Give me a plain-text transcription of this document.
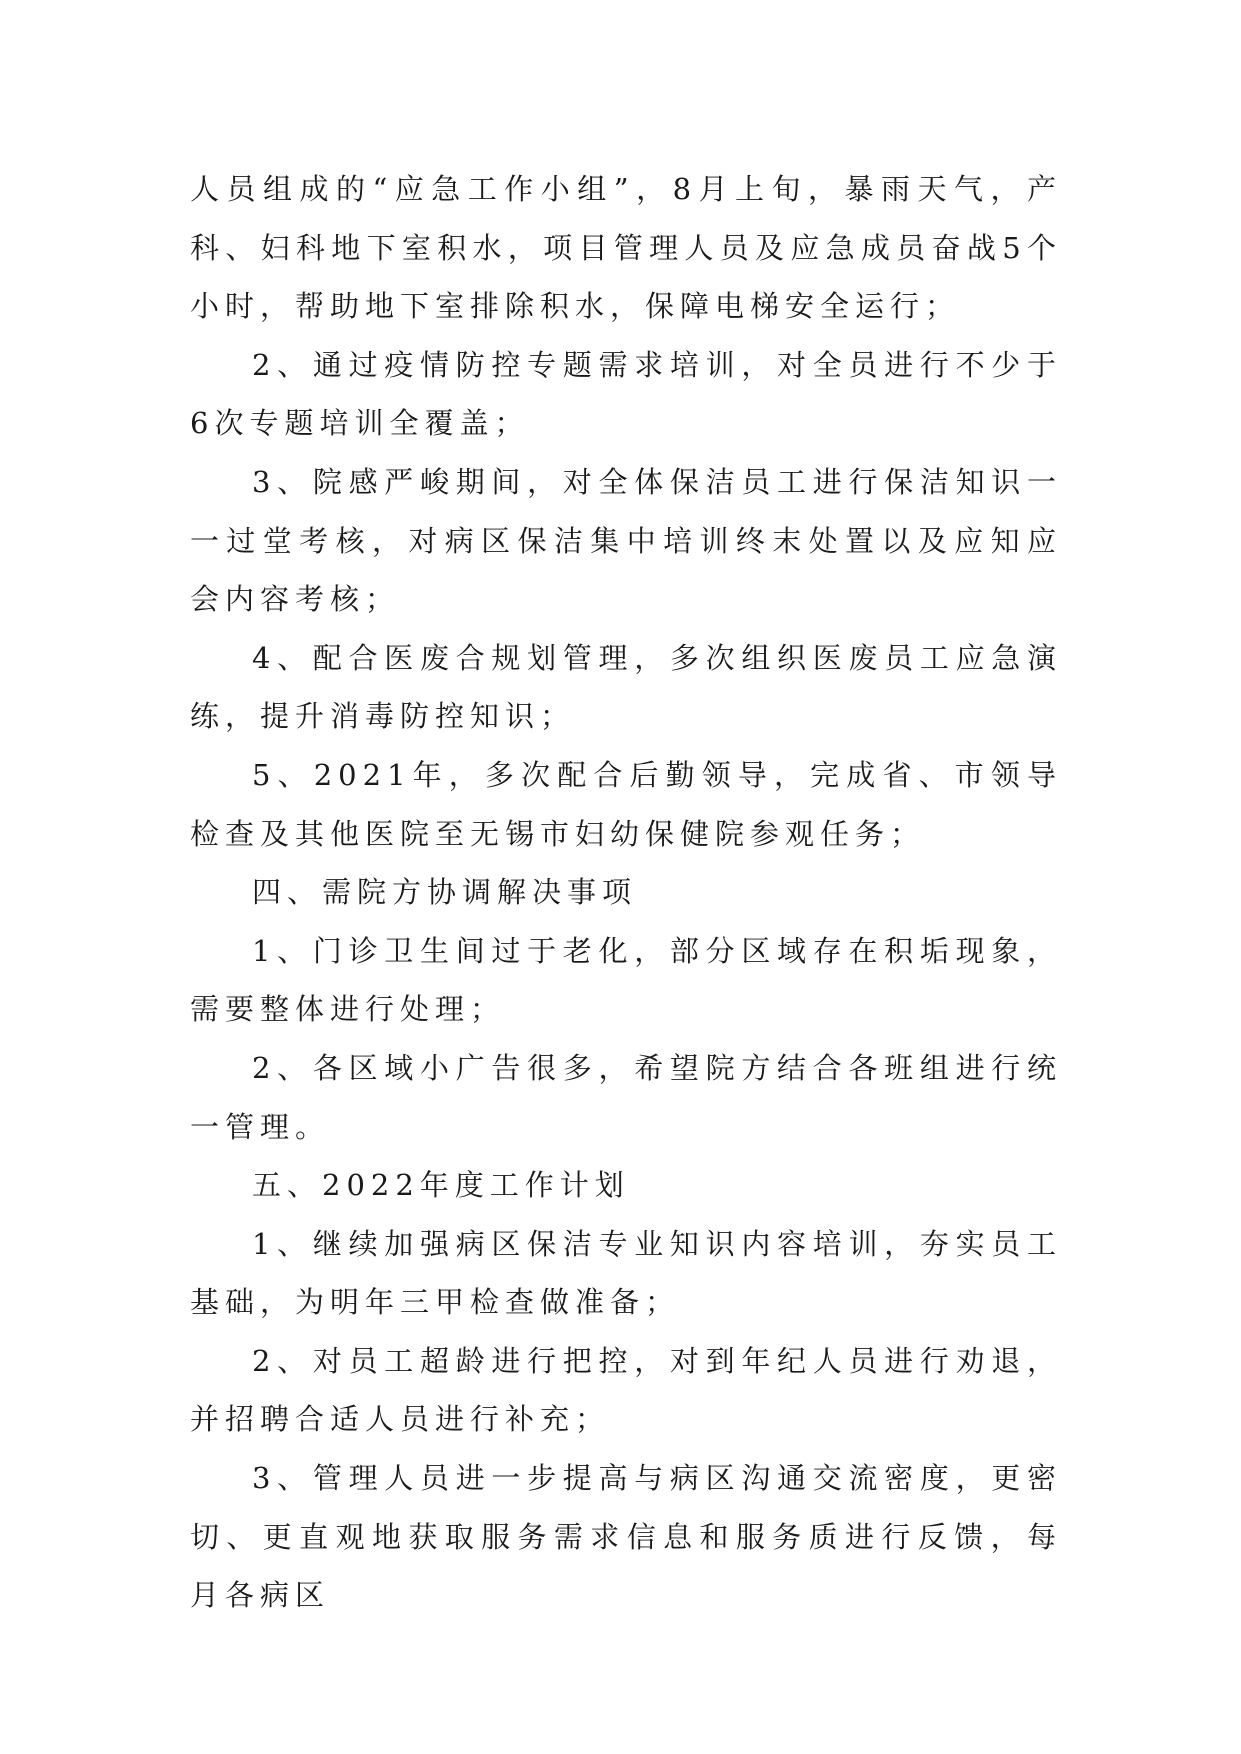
人员组成的“应急工作小组”，8月上旬，暴雨天气，产科、妇科地下室积水，项目管理人员及应急成员奋战5个小时，帮助地下室排除积水，保障电梯安全运行；

2、通过疫情防控专题需求培训，对全员进行不少于6次专题培训全覆盖；

3、院感严峻期间，对全体保洁员工进行保洁知识一一过堂考核，对病区保洁集中培训终末处置以及应知应会内容考核；

4、配合医废合规划管理，多次组织医废员工应急演练，提升消毒防控知识；

5、2021年，多次配合后勤领导，完成省、市领导检查及其他医院至无锡市妇幼保健院参观任务；

四、需院方协调解决事项

1、门诊卫生间过于老化，部分区域存在积垢现象，需要整体进行处理；

2、各区域小广告很多，希望院方结合各班组进行统一管理。

五、2022年度工作计划

1、继续加强病区保洁专业知识内容培训，夯实员工基础，为明年三甲检查做准备；

2、对员工超龄进行把控，对到年纪人员进行劝退，并招聘合适人员进行补充；

3、管理人员进一步提高与病区沟通交流密度，更密切、更直观地获取服务需求信息和服务质进行反馈，每月各病区
